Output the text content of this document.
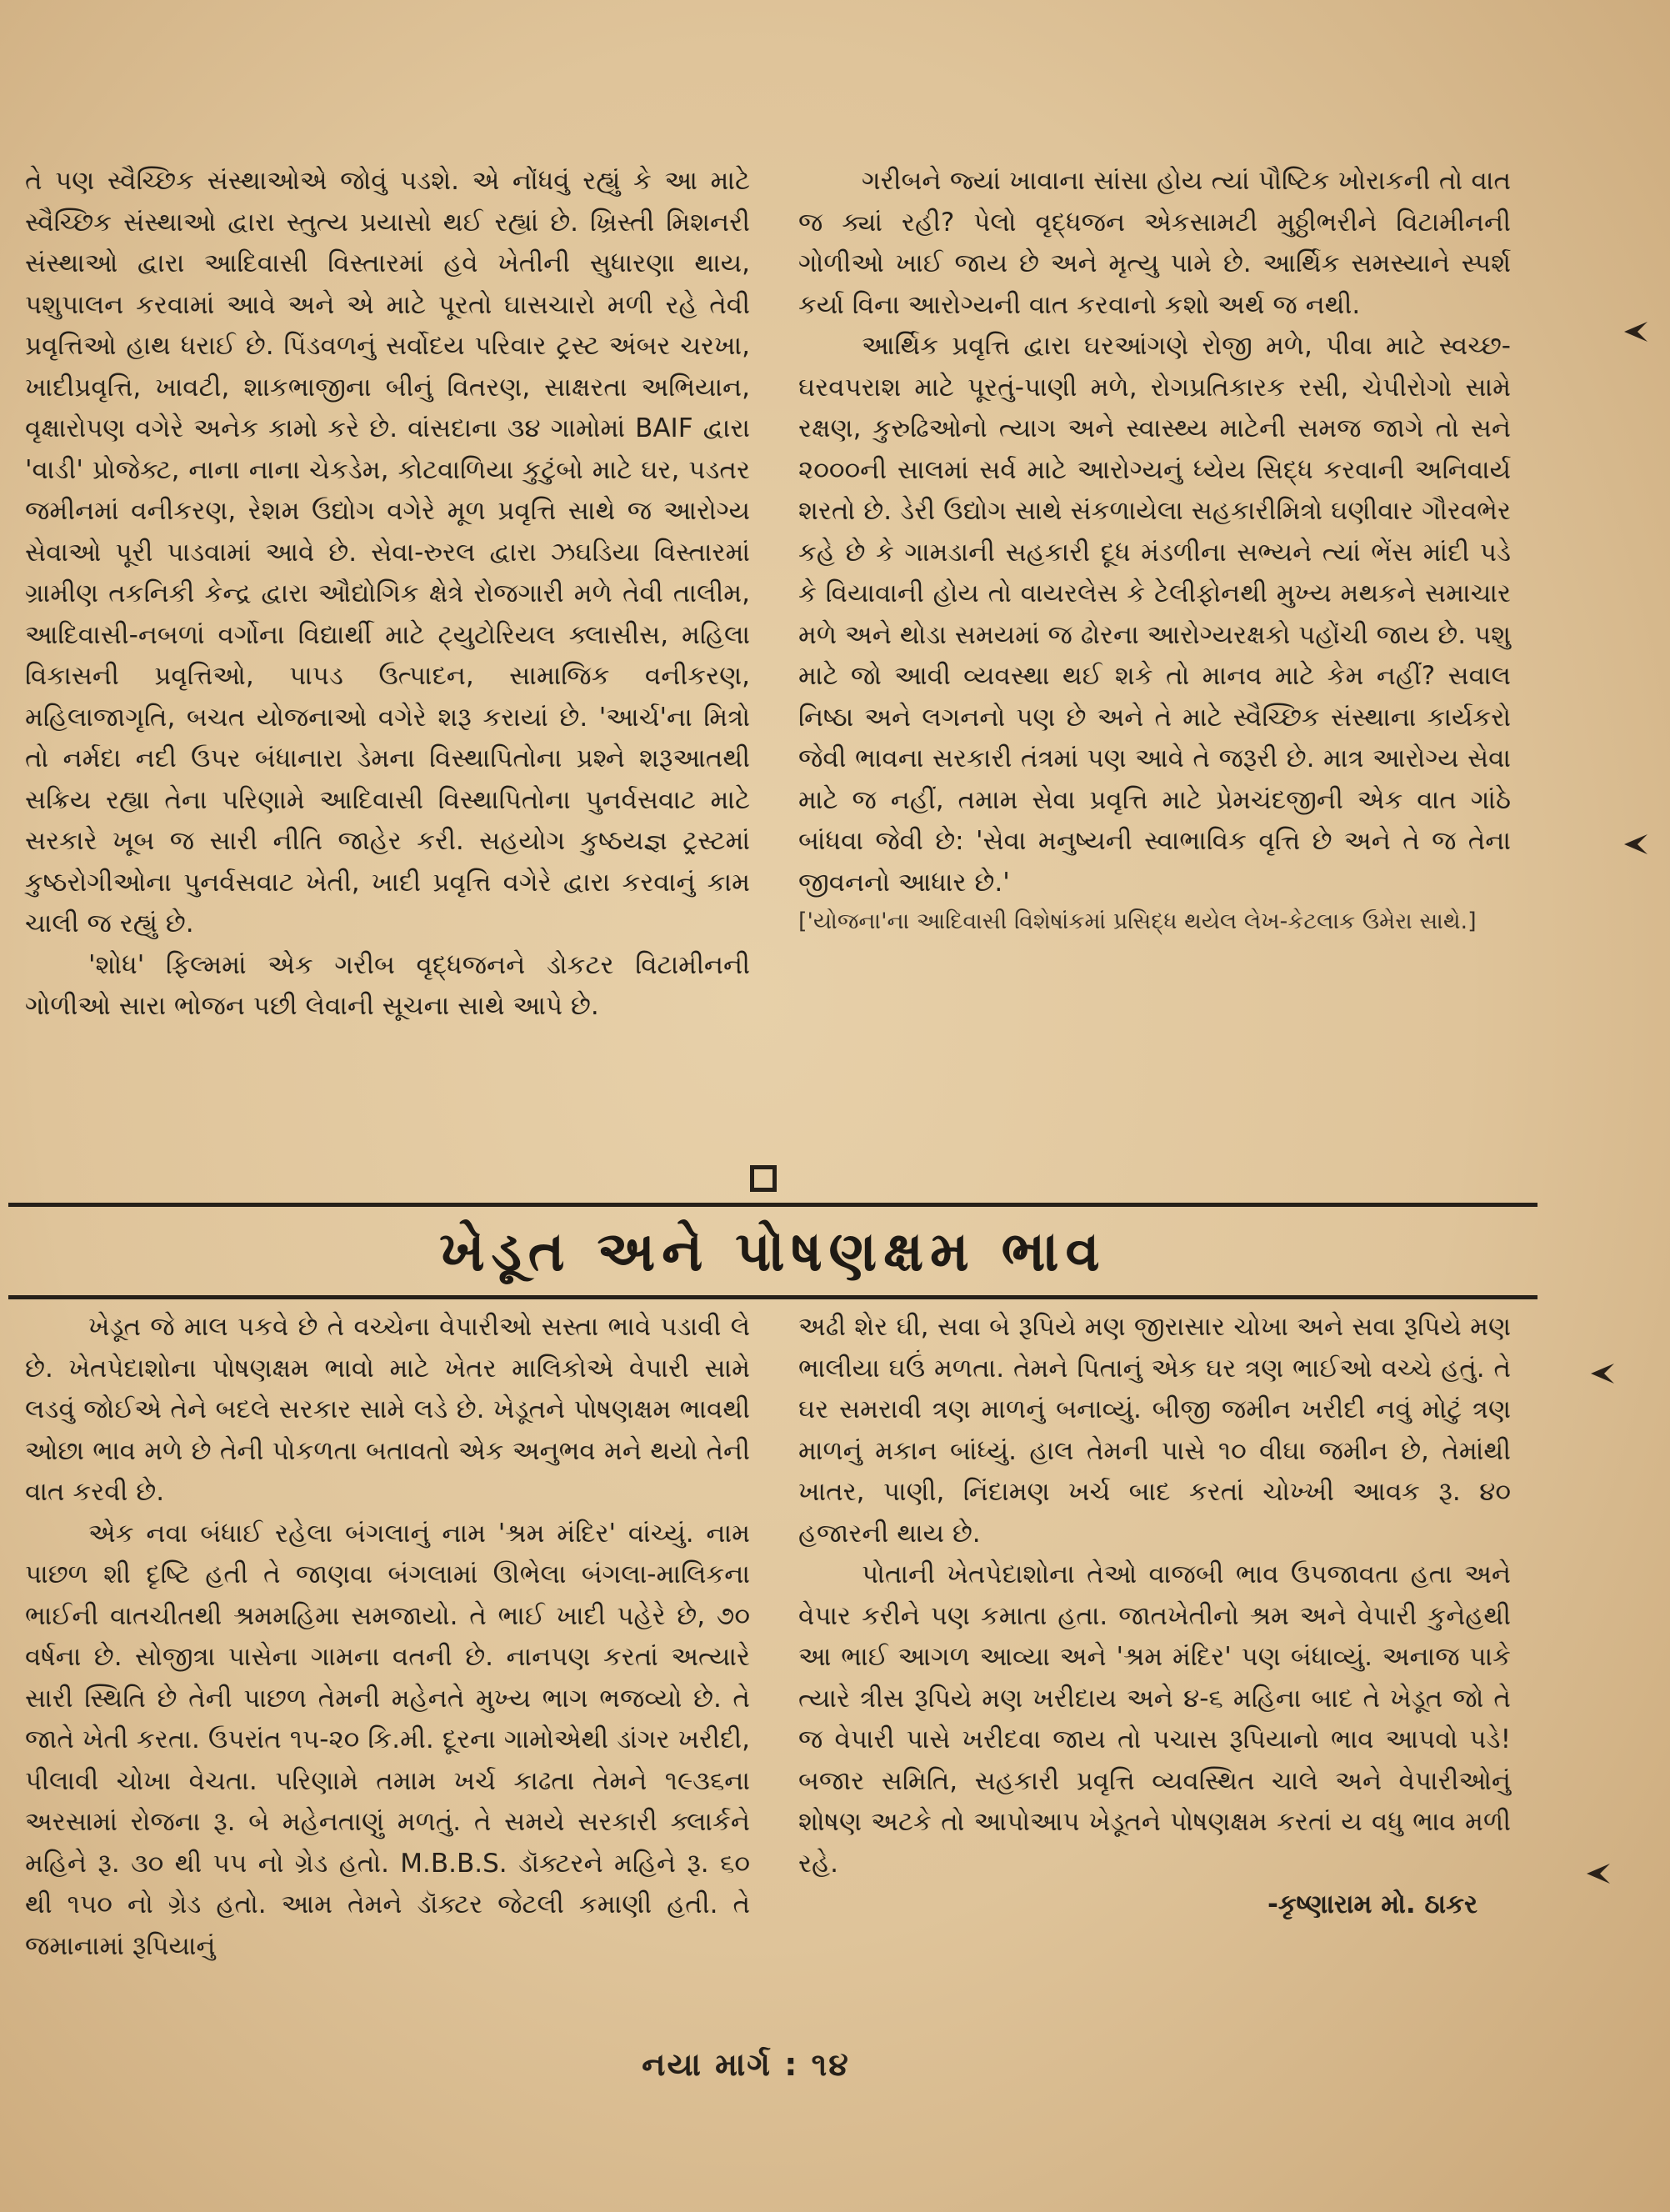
તે પણ સ્વૈચ્છિક સંસ્થાઓએ જોવું પડશે. એ નોંધવું રહ્યું કે આ માટે સ્વૈચ્છિક સંસ્થાઓ દ્વારા સ્તુત્ય પ્રયાસો થઈ રહ્યાં છે. ખ્રિસ્તી મિશનરી સંસ્થાઓ દ્વારા આદિવાસી વિસ્તારમાં હવે ખેતીની સુધારણા થાય, પશુપાલન કરવામાં આવે અને એ માટે પૂરતો ઘાસચારો મળી રહે તેવી પ્રવૃત્તિઓ હાથ ધરાઈ છે. પિંડવળનું સર્વોદય પરિવાર ટ્રસ્ટ અંબર ચરખા, ખાદીપ્રવૃત્તિ, ખાવટી, શાકભાજીના બીનું વિતરણ, સાક્ષરતા અભિયાન, વૃક્ષારોપણ વગેરે અનેક કામો કરે છે. વાંસદાના ૩૪ ગામોમાં BAIF દ્વારા 'વાડી' પ્રોજેક્ટ, નાના નાના ચેકડેમ, કોટવાળિયા કુટુંબો માટે ઘર, પડતર જમીનમાં વનીકરણ, રેશમ ઉદ્યોગ વગેરે મૂળ પ્રવૃત્તિ સાથે જ આરોગ્ય સેવાઓ પૂરી પાડવામાં આવે છે. સેવા-રુરલ દ્વારા ઝઘડિયા વિસ્તારમાં ગ્રામીણ તકનિકી કેન્દ્ર દ્વારા ઔદ્યોગિક ક્ષેત્રે રોજગારી મળે તેવી તાલીમ, આદિવાસી-નબળાં વર્ગોના વિદ્યાર્થી માટે ટ્યુટોરિયલ ક્લાસીસ, મહિલા વિકાસની પ્રવૃત્તિઓ, પાપડ ઉત્પાદન, સામાજિક વનીકરણ, મહિલાજાગૃતિ, બચત યોજનાઓ વગેરે શરૂ કરાયાં છે. 'આર્ચ'ના મિત્રો તો નર્મદા નદી ઉપર બંધાનારા ડેમના વિસ્થાપિતોના પ્રશ્ને શરૂઆતથી સક્રિય રહ્યા તેના પરિણામે આદિવાસી વિસ્થાપિતોના પુનર્વસવાટ માટે સરકારે ખૂબ જ સારી નીતિ જાહેર કરી. સહયોગ કુષ્ઠયજ્ઞ ટ્રસ્ટમાં કુષ્ઠરોગીઓના પુનર્વસવાટ ખેતી, ખાદી પ્રવૃત્તિ વગેરે દ્વારા કરવાનું કામ ચાલી જ રહ્યું છે.

'શોધ' ફિલ્મમાં એક ગરીબ વૃદ્ધજનને ડોકટર વિટામીનની ગોળીઓ સારા ભોજન પછી લેવાની સૂચના સાથે આપે છે.

ગરીબને જ્યાં ખાવાના સાંસા હોય ત્યાં પૌષ્ટિક ખોરાકની તો વાત જ ક્યાં રહી? પેલો વૃદ્ધજન એકસામટી મુઠ્ઠીભરીને વિટામીનની ગોળીઓ ખાઈ જાય છે અને મૃત્યુ પામે છે. આર્થિક સમસ્યાને સ્પર્શ કર્યા વિના આરોગ્યની વાત કરવાનો કશો અર્થ જ નથી.

આર્થિક પ્રવૃત્તિ દ્વારા ઘરઆંગણે રોજી મળે, પીવા માટે સ્વચ્છ-ઘરવપરાશ માટે પૂરતું-પાણી મળે, રોગપ્રતિકારક રસી, ચેપીરોગો સામે રક્ષણ, કુરુઢિઓનો ત્યાગ અને સ્વાસ્થ્ય માટેની સમજ જાગે તો સને ૨૦૦૦ની સાલમાં સર્વ માટે આરોગ્યનું ધ્યેય સિદ્ધ કરવાની અનિવાર્ય શરતો છે. ડેરી ઉદ્યોગ સાથે સંકળાયેલા સહકારીમિત્રો ઘણીવાર ગૌરવભેર કહે છે કે ગામડાની સહકારી દૂધ મંડળીના સભ્યને ત્યાં ભેંસ માંદી પડે કે વિયાવાની હોય તો વાયરલેસ કે ટેલીફોનથી મુખ્ય મથકને સમાચાર મળે અને થોડા સમયમાં જ ઢોરના આરોગ્યરક્ષકો પહોંચી જાય છે. પશુ માટે જો આવી વ્યવસ્થા થઈ શકે તો માનવ માટે કેમ નહીં? સવાલ નિષ્ઠા અને લગનનો પણ છે અને તે માટે સ્વૈચ્છિક સંસ્થાના કાર્યકરો જેવી ભાવના સરકારી તંત્રમાં પણ આવે તે જરૂરી છે. માત્ર આરોગ્ય સેવા માટે જ નહીં, તમામ સેવા પ્રવૃત્તિ માટે પ્રેમચંદજીની એક વાત ગાંઠે બાંધવા જેવી છે: 'સેવા મનુષ્યની સ્વાભાવિક વૃત્તિ છે અને તે જ તેના જીવનનો આધાર છે.'

['યોજના'ના આદિવાસી વિશેષાંકમાં પ્રસિદ્ધ થયેલ લેખ-કેટલાક ઉમેરા સાથે.]

ખેડૂત અને પોષણક્ષમ ભાવ

ખેડૂત જે માલ પકવે છે તે વચ્ચેના વેપારીઓ સસ્તા ભાવે પડાવી લે છે. ખેતપેદાશોના પોષણક્ષમ ભાવો માટે ખેતર માલિકોએ વેપારી સામે લડવું જોઈએ તેને બદલે સરકાર સામે લડે છે. ખેડૂતને પોષણક્ષમ ભાવથી ઓછા ભાવ મળે છે તેની પોકળતા બતાવતો એક અનુભવ મને થયો તેની વાત કરવી છે.

એક નવા બંધાઈ રહેલા બંગલાનું નામ 'શ્રમ મંદિર' વાંચ્યું. નામ પાછળ શી દૃષ્ટિ હતી તે જાણવા બંગલામાં ઊભેલા બંગલા-માલિકના ભાઈની વાતચીતથી શ્રમમહિમા સમજાયો. તે ભાઈ ખાદી પહેરે છે, ૭૦ વર્ષના છે. સોજીત્રા પાસેના ગામના વતની છે. નાનપણ કરતાં અત્યારે સારી સ્થિતિ છે તેની પાછળ તેમની મહેનતે મુખ્ય ભાગ ભજવ્યો છે. તે જાતે ખેતી કરતા. ઉપરાંત ૧૫-૨૦ કિ.મી. દૂરના ગામોએથી ડાંગર ખરીદી, પીલાવી ચોખા વેચતા. પરિણામે તમામ ખર્ચ કાઢતા તેમને ૧૯૩૬ના અરસામાં રોજના રૂ. બે મહેનતાણું મળતું. તે સમયે સરકારી ક્લાર્કને મહિને રૂ. ૩૦ થી ૫૫ નો ગ્રેડ હતો. M.B.B.S. ડૉક્ટરને મહિને રૂ. ૬૦ થી ૧૫૦ નો ગ્રેડ હતો. આમ તેમને ડૉક્ટર જેટલી કમાણી હતી. તે જમાનામાં રૂપિયાનું

અઢી શેર ઘી, સવા બે રૂપિયે મણ જીરાસાર ચોખા અને સવા રૂપિયે મણ ભાલીયા ઘઉં મળતા. તેમને પિતાનું એક ઘર ત્રણ ભાઈઓ વચ્ચે હતું. તે ઘર સમરાવી ત્રણ માળનું બનાવ્યું. બીજી જમીન ખરીદી નવું મોટું ત્રણ માળનું મકાન બાંધ્યું. હાલ તેમની પાસે ૧૦ વીઘા જમીન છે, તેમાંથી ખાતર, પાણી, નિંદામણ ખર્ચ બાદ કરતાં ચોખ્ખી આવક રૂ. ૪૦ હજારની થાય છે.

પોતાની ખેતપેદાશોના તેઓ વાજબી ભાવ ઉપજાવતા હતા અને વેપાર કરીને પણ કમાતા હતા. જાતખેતીનો શ્રમ અને વેપારી કુનેહથી આ ભાઈ આગળ આવ્યા અને 'શ્રમ મંદિર' પણ બંધાવ્યું. અનાજ પાકે ત્યારે ત્રીસ રૂપિયે મણ ખરીદાય અને ૪-૬ મહિના બાદ તે ખેડૂત જો તે જ વેપારી પાસે ખરીદવા જાય તો પચાસ રૂપિયાનો ભાવ આપવો પડે! બજાર સમિતિ, સહકારી પ્રવૃત્તિ વ્યવસ્થિત ચાલે અને વેપારીઓનું શોષણ અટકે તો આપોઆપ ખેડૂતને પોષણક્ષમ કરતાં ય વધુ ભાવ મળી રહે.

-કૃષ્ણારામ મો. ઠાકર

નયા માર્ગ : ૧૪
